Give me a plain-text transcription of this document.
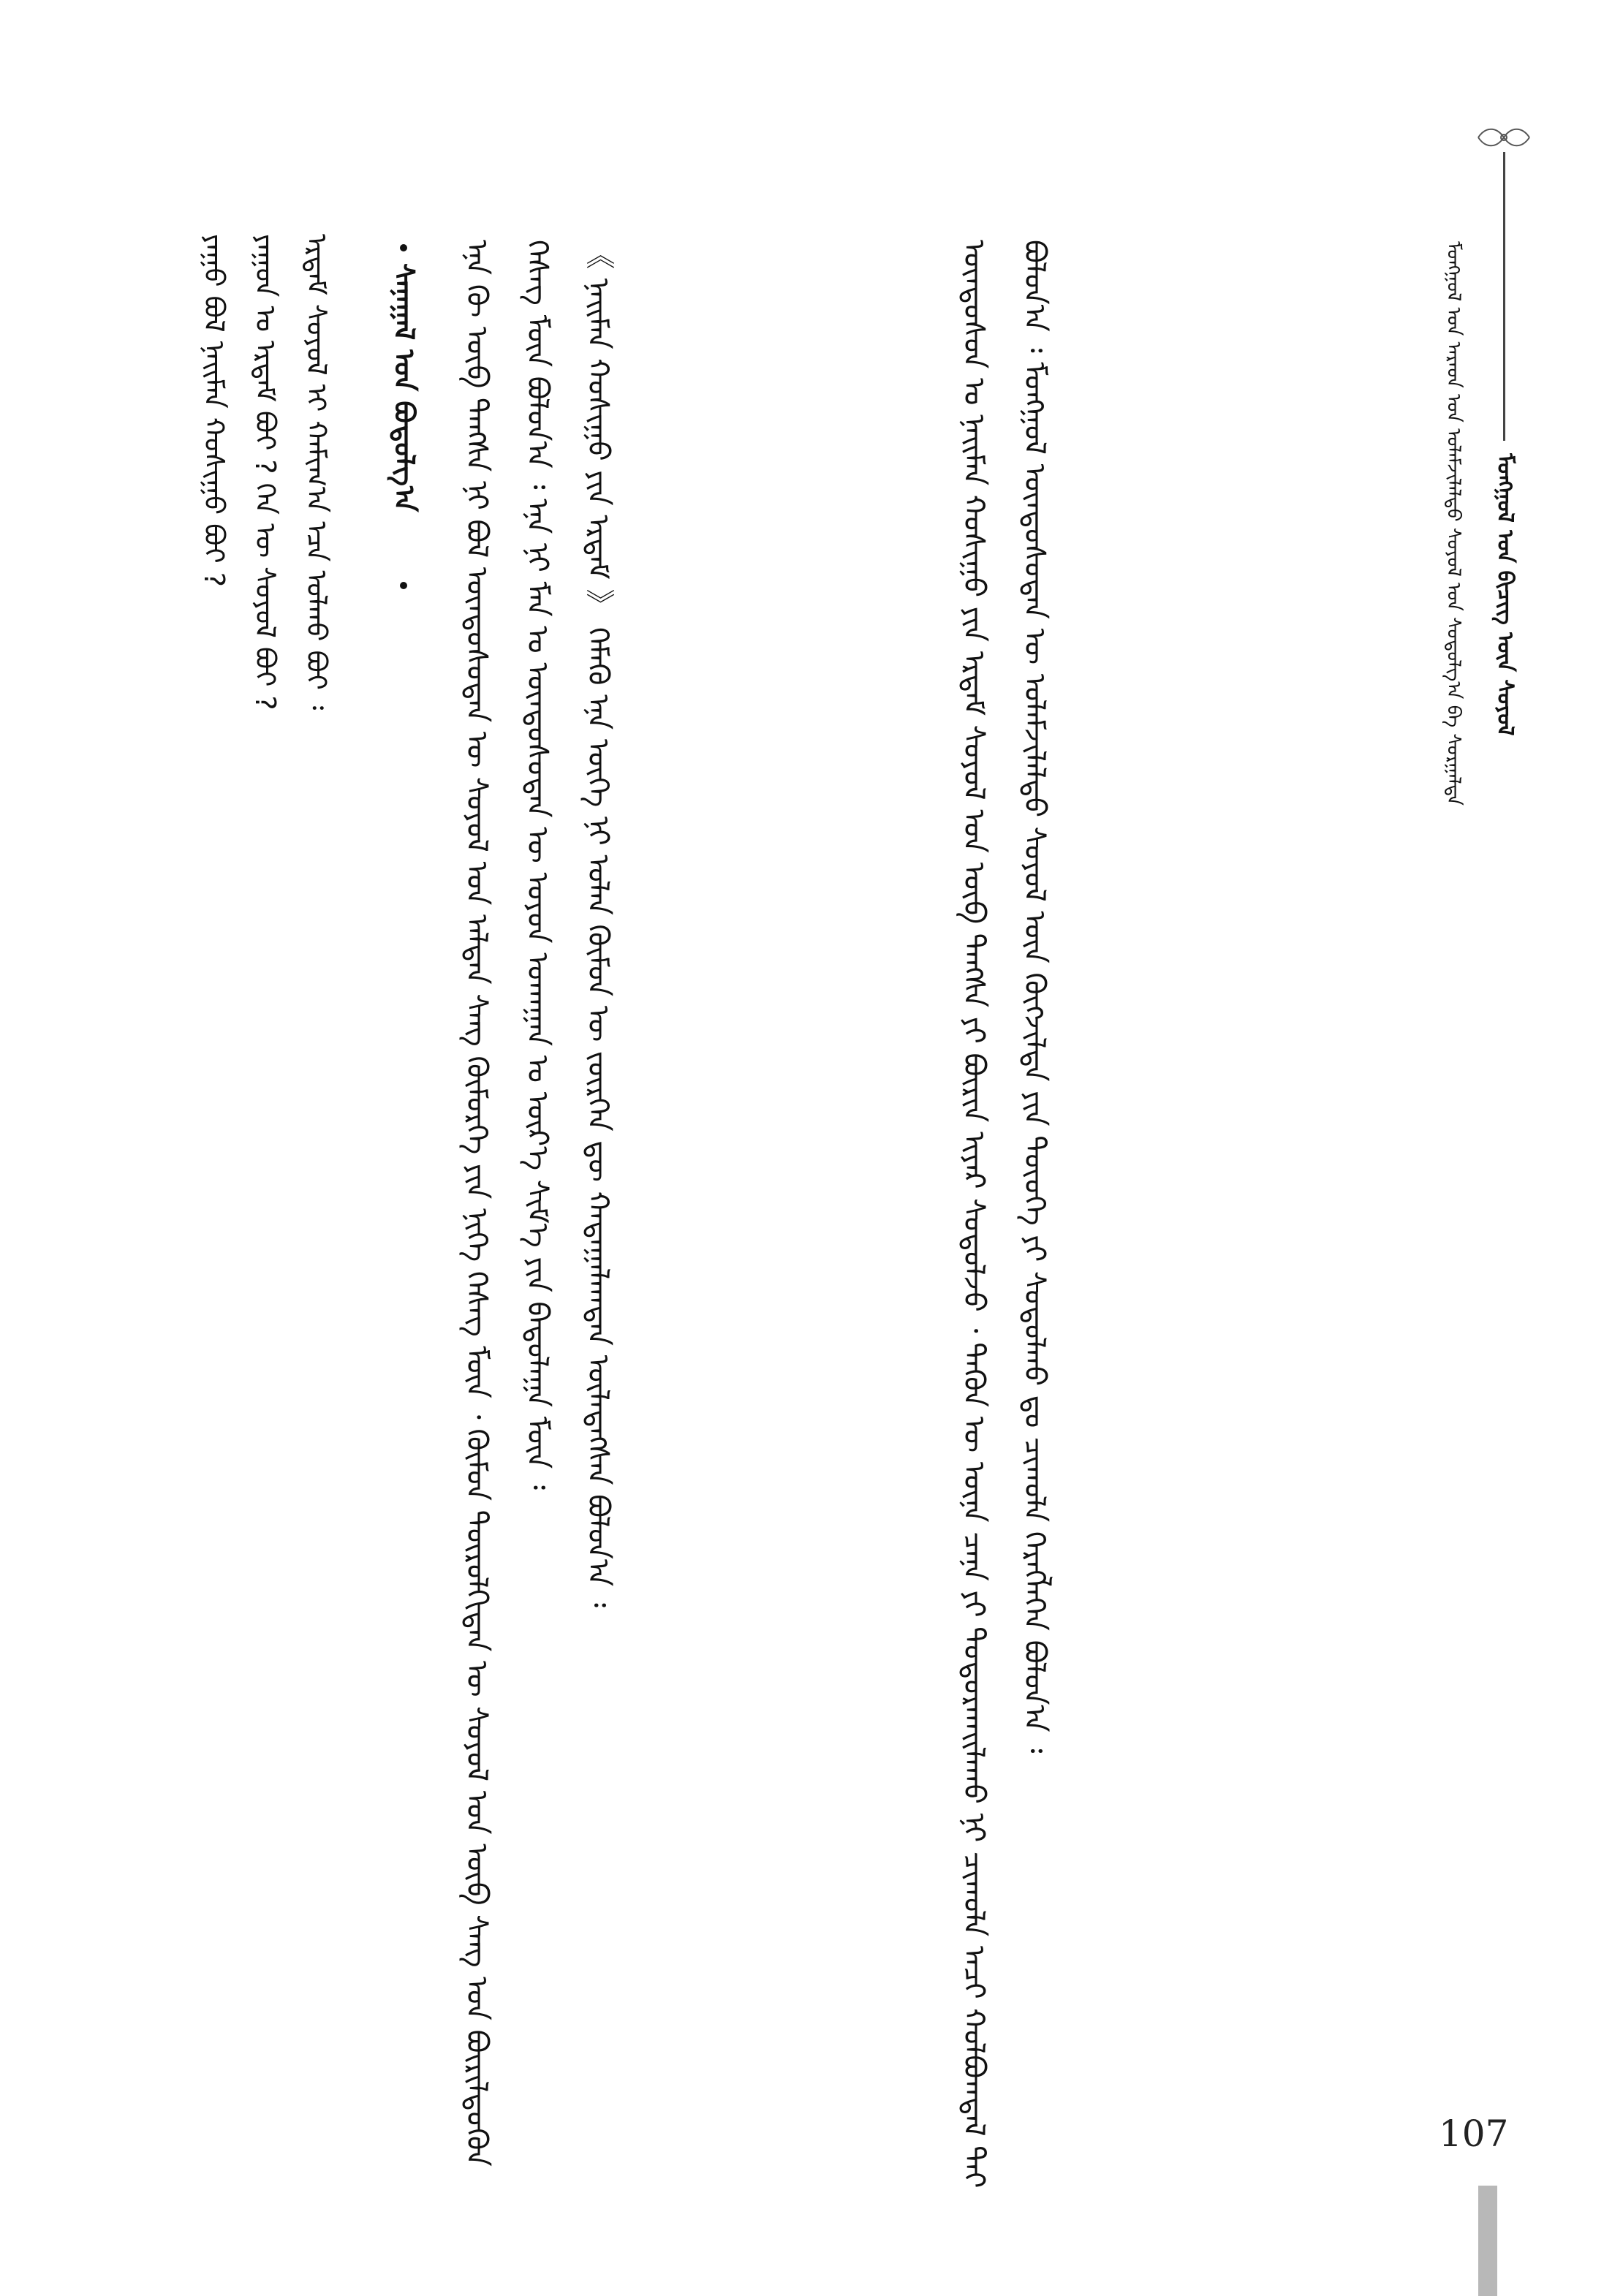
ᠮᠣᠩᠭᠣᠯ ᠤᠨ ᠪᠢᠴᠢᠭ ᠦᠨ ᠰᠣᠶᠣᠯ
ᠮᠣᠩᠭᠣᠯ ᠤᠨ ᠠᠷᠠᠳ ᠤᠨ ᠤᠯᠠᠮᠵᠢᠯᠠᠯᠲᠤ ᠰᠣᠶᠣᠯ ᠤᠨ ᠰᠤᠳᠤᠯᠭ᠎ᠠ ᠪᠠ ᠰᠣᠷᠭᠠᠯᠲᠠ

ᠦᠨᠳᠦᠰᠦᠨ ᠤ ᠨᠠᠢᠮᠠᠨ ᠬᠣᠰᠢᠭᠤ ᠶᠢᠨ ᠡᠷᠳᠡᠮ ᠰᠣᠶᠣᠯ ᠤᠨ ᠦᠪ ᠳᠠᠩᠰᠠ ᠶᠢ ᠪᠦᠷᠢᠨ ᠢᠶᠡᠷ ᠰᠤᠳᠤᠯᠵᠤ ᠂ ᠲᠡᠭᠦᠨ ᠦ ᠦᠨᠡ ᠴᠡᠨᠡ ᠶᠢ ᠲᠣᠳᠤᠷᠬᠠᠢᠯᠠᠬᠤ ᠨᠢ ᠴᠢᠬᠤᠯᠠ ᠠᠴᠢ ᠬᠣᠯᠪᠣᠭᠳᠠᠯ ᠲᠠᠢ ᠪᠣᠯᠤᠨ᠎ᠠ ᠄ ᠮᠣᠩᠭᠣᠯ ᠦᠨᠳᠦᠰᠦᠲᠡᠨ ᠦ ᠤᠯᠠᠮᠵᠢᠯᠠᠯᠲᠤ ᠰᠣᠶᠣᠯ ᠦᠨ ᠬᠥᠭᠵᠢᠯᠲᠡ ᠶᠢᠨ ᠲᠦᠦᠬᠡ ᠶᠢ ᠰᠤᠳᠤᠯᠬᠤ ᠳᠤ ᠴᠢᠬᠤᠯᠠ ᠬᠡᠷᠡᠭᠯᠡᠭᠡᠨ ᠪᠣᠯᠤᠨ᠎ᠠ ᠄

ᠡᠨᠡ ᠬᠦ ᠦᠪ ᠳᠠᠩᠰᠠ ᠨᠢ ᠪᠣᠯ ᠦᠨᠳᠦᠰᠦᠲᠡᠨ ᠦ ᠰᠣᠶᠣᠯ ᠤᠨ ᠠᠯᠲᠠᠨ ᠰᠠᠩ ᠬᠥᠮᠥᠷᠭᠡ ᠶᠢᠨ ᠨᠢᠭᠡ ᠬᠡᠰᠡᠭ ᠮᠥᠨ ᠂ ᠬᠦᠮᠦᠨ ᠲᠥᠷᠥᠯᠬᠢᠲᠡᠨ ᠦ ᠰᠣᠶᠣᠯ ᠤᠨ ᠦᠪ ᠰᠠᠩ ᠤᠨ ᠪᠦᠷᠢᠯᠳᠦᠬᠦᠨ ᠬᠡᠰᠡᠭ ᠮᠥᠨ ᠪᠣᠯᠤᠨ᠎ᠠ ᠄ ᠡᠨᠡ ᠨᠢ ᠮᠠᠨ ᠤ ᠦᠨᠳᠦᠰᠦᠲᠡᠨ ᠦ ᠣᠶᠤᠨ ᠤᠬᠠᠭᠠᠨ ᠤ ᠦᠷ᠎ᠡ ᠰᠢᠮ᠎ᠡ ᠶᠢᠨ ᠪᠠᠲᠤᠯᠠᠭᠠ ᠮᠥᠨ ᠄ 《 ᠨᠠᠢᠮᠠᠨ ᠬᠣᠰᠢᠭᠤ ᠶᠢᠨ ᠡᠷᠳᠡᠮ 》 ᠬᠡᠮᠡᠬᠦ ᠡᠨᠡ ᠦᠬᠡ ᠨᠢ ᠣᠯᠠᠨ ᠬᠦᠮᠦᠨ ᠦ ᠵᠦᠷᠬᠡᠨ ᠳᠦ ᠬᠠᠳᠠᠭᠠᠯᠠᠭᠳᠠᠨ ᠦᠯᠡᠳᠡᠭᠰᠡᠨ ᠪᠣᠯᠤᠨ᠎ᠠ ᠄

ᠰᠠᠨᠠᠭᠠᠯ ᠤᠨ ᠪᠣᠳᠣᠯᠭ᠎ᠠ

ᠶᠠᠭᠤ ᠪᠣᠯ ᠨᠠᠢᠮᠠᠨ ᠬᠣᠰᠢᠭᠤ ᠪᠣᠢ ? ᠶᠠᠭᠤᠨ ᠤ ᠡᠷᠳᠡᠮ ᠪᠣᠢ ? ᠬᠡᠨ ᠦ ᠰᠣᠶᠣᠯ ᠪᠣᠢ ? ᠡᠷᠳᠡᠮ ᠰᠣᠶᠣᠯ ᠢ ᠬᠠᠮᠢᠭ᠎ᠠ ᠡᠴᠡ ᠣᠯᠬᠤ ᠪᠣᠢ ᠄

107
